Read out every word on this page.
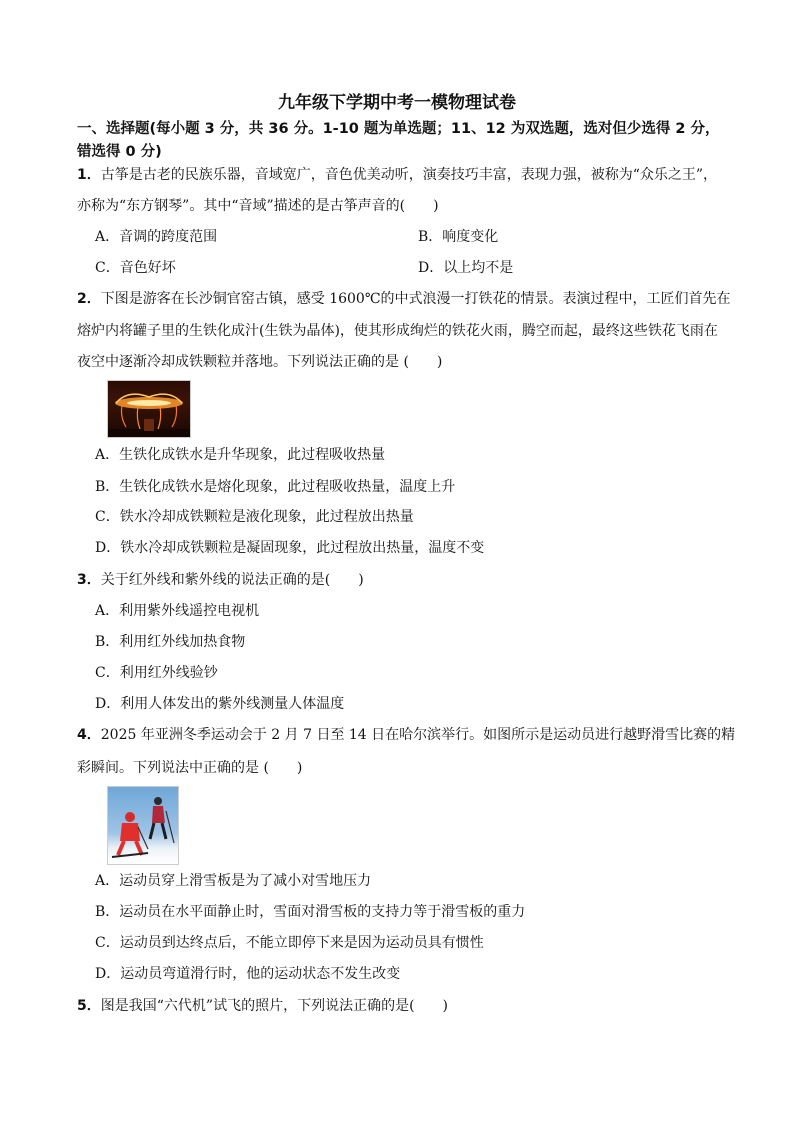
九年级下学期中考一模物理试卷
一、选择题(每小题 3 分，共 36 分。1-10 题为单选题；11、12 为双选题，选对但少选得 2 分，
错选得 0 分)
1．古筝是古老的民族乐器，音域宽广，音色优美动听，演奏技巧丰富，表现力强，被称为“众乐之王”，
亦称为“东方钢琴”。其中“音域”描述的是古筝声音的(　　)
A．音调的跨度范围	B．响度变化
C．音色好坏	D．以上均不是
2．下图是游客在长沙铜官窑古镇，感受 1600℃的中式浪漫一打铁花的情景。表演过程中，工匠们首先在
熔炉内将罐子里的生铁化成汁(生铁为晶体)，使其形成绚烂的铁花火雨，腾空而起，最终这些铁花飞雨在
夜空中逐渐冷却成铁颗粒并落地。下列说法正确的是 (　　)
A．生铁化成铁水是升华现象，此过程吸收热量
B．生铁化成铁水是熔化现象，此过程吸收热量，温度上升
C．铁水冷却成铁颗粒是液化现象，此过程放出热量
D．铁水冷却成铁颗粒是凝固现象，此过程放出热量，温度不变
3．关于红外线和紫外线的说法正确的是(　　)
A．利用紫外线遥控电视机
B．利用红外线加热食物
C．利用红外线验钞
D．利用人体发出的紫外线测量人体温度
4．2025 年亚洲冬季运动会于 2 月 7 日至 14 日在哈尔滨举行。如图所示是运动员进行越野滑雪比赛的精
彩瞬间。下列说法中正确的是 (　　)
A．运动员穿上滑雪板是为了减小对雪地压力
B．运动员在水平面静止时，雪面对滑雪板的支持力等于滑雪板的重力
C．运动员到达终点后，不能立即停下来是因为运动员具有惯性
D．运动员弯道滑行时，他的运动状态不发生改变
5．图是我国“六代机”试飞的照片，下列说法正确的是(　　)
